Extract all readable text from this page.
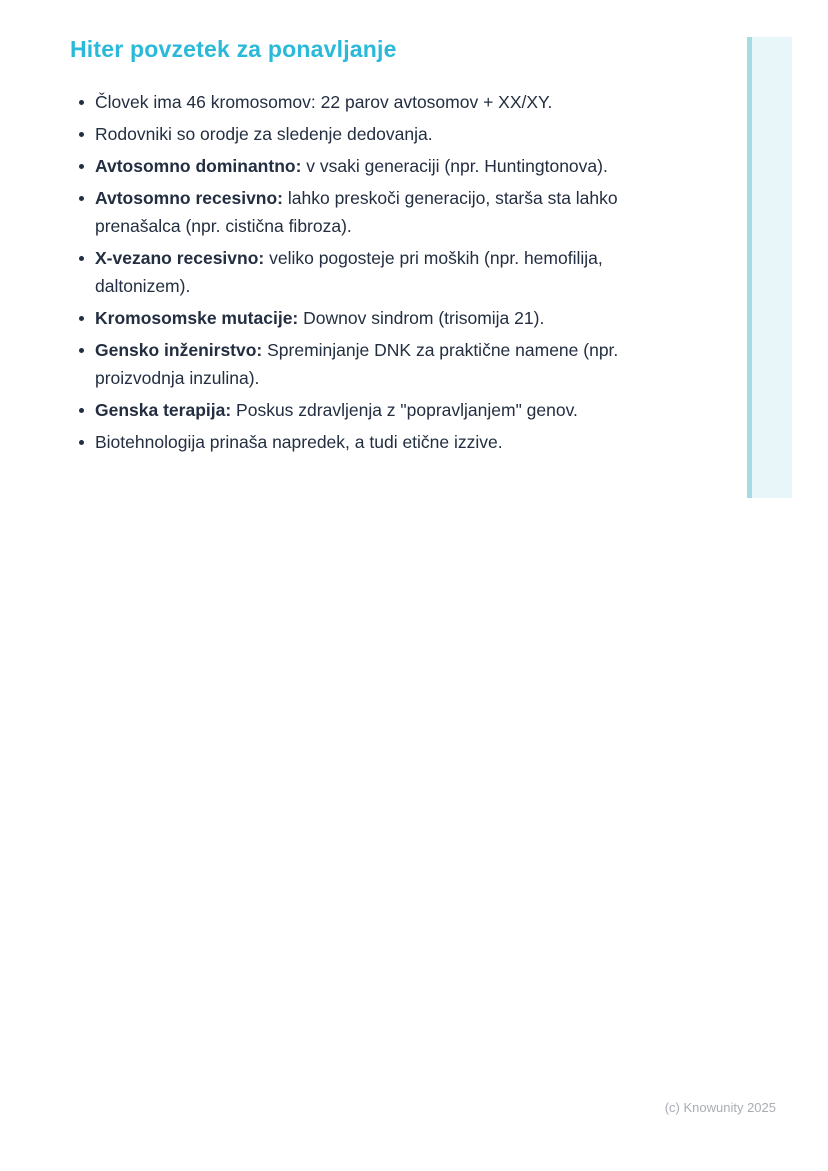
Hiter povzetek za ponavljanje
Človek ima 46 kromosomov: 22 parov avtosomov + XX/XY.
Rodovniki so orodje za sledenje dedovanja.
Avtosomno dominantno: v vsaki generaciji (npr. Huntingtonova).
Avtosomno recesivno: lahko preskoči generacijo, starša sta lahko prenašalca (npr. cistična fibroza).
X-vezano recesivno: veliko pogosteje pri moških (npr. hemofilija, daltonizem).
Kromosomske mutacije: Downov sindrom (trisomija 21).
Gensko inženirstvo: Spreminjanje DNK za praktične namene (npr. proizvodnja inzulina).
Genska terapija: Poskus zdravljenja z "popravljanjem" genov.
Biotehnologija prinaša napredek, a tudi etične izzive.
(c) Knowunity 2025
